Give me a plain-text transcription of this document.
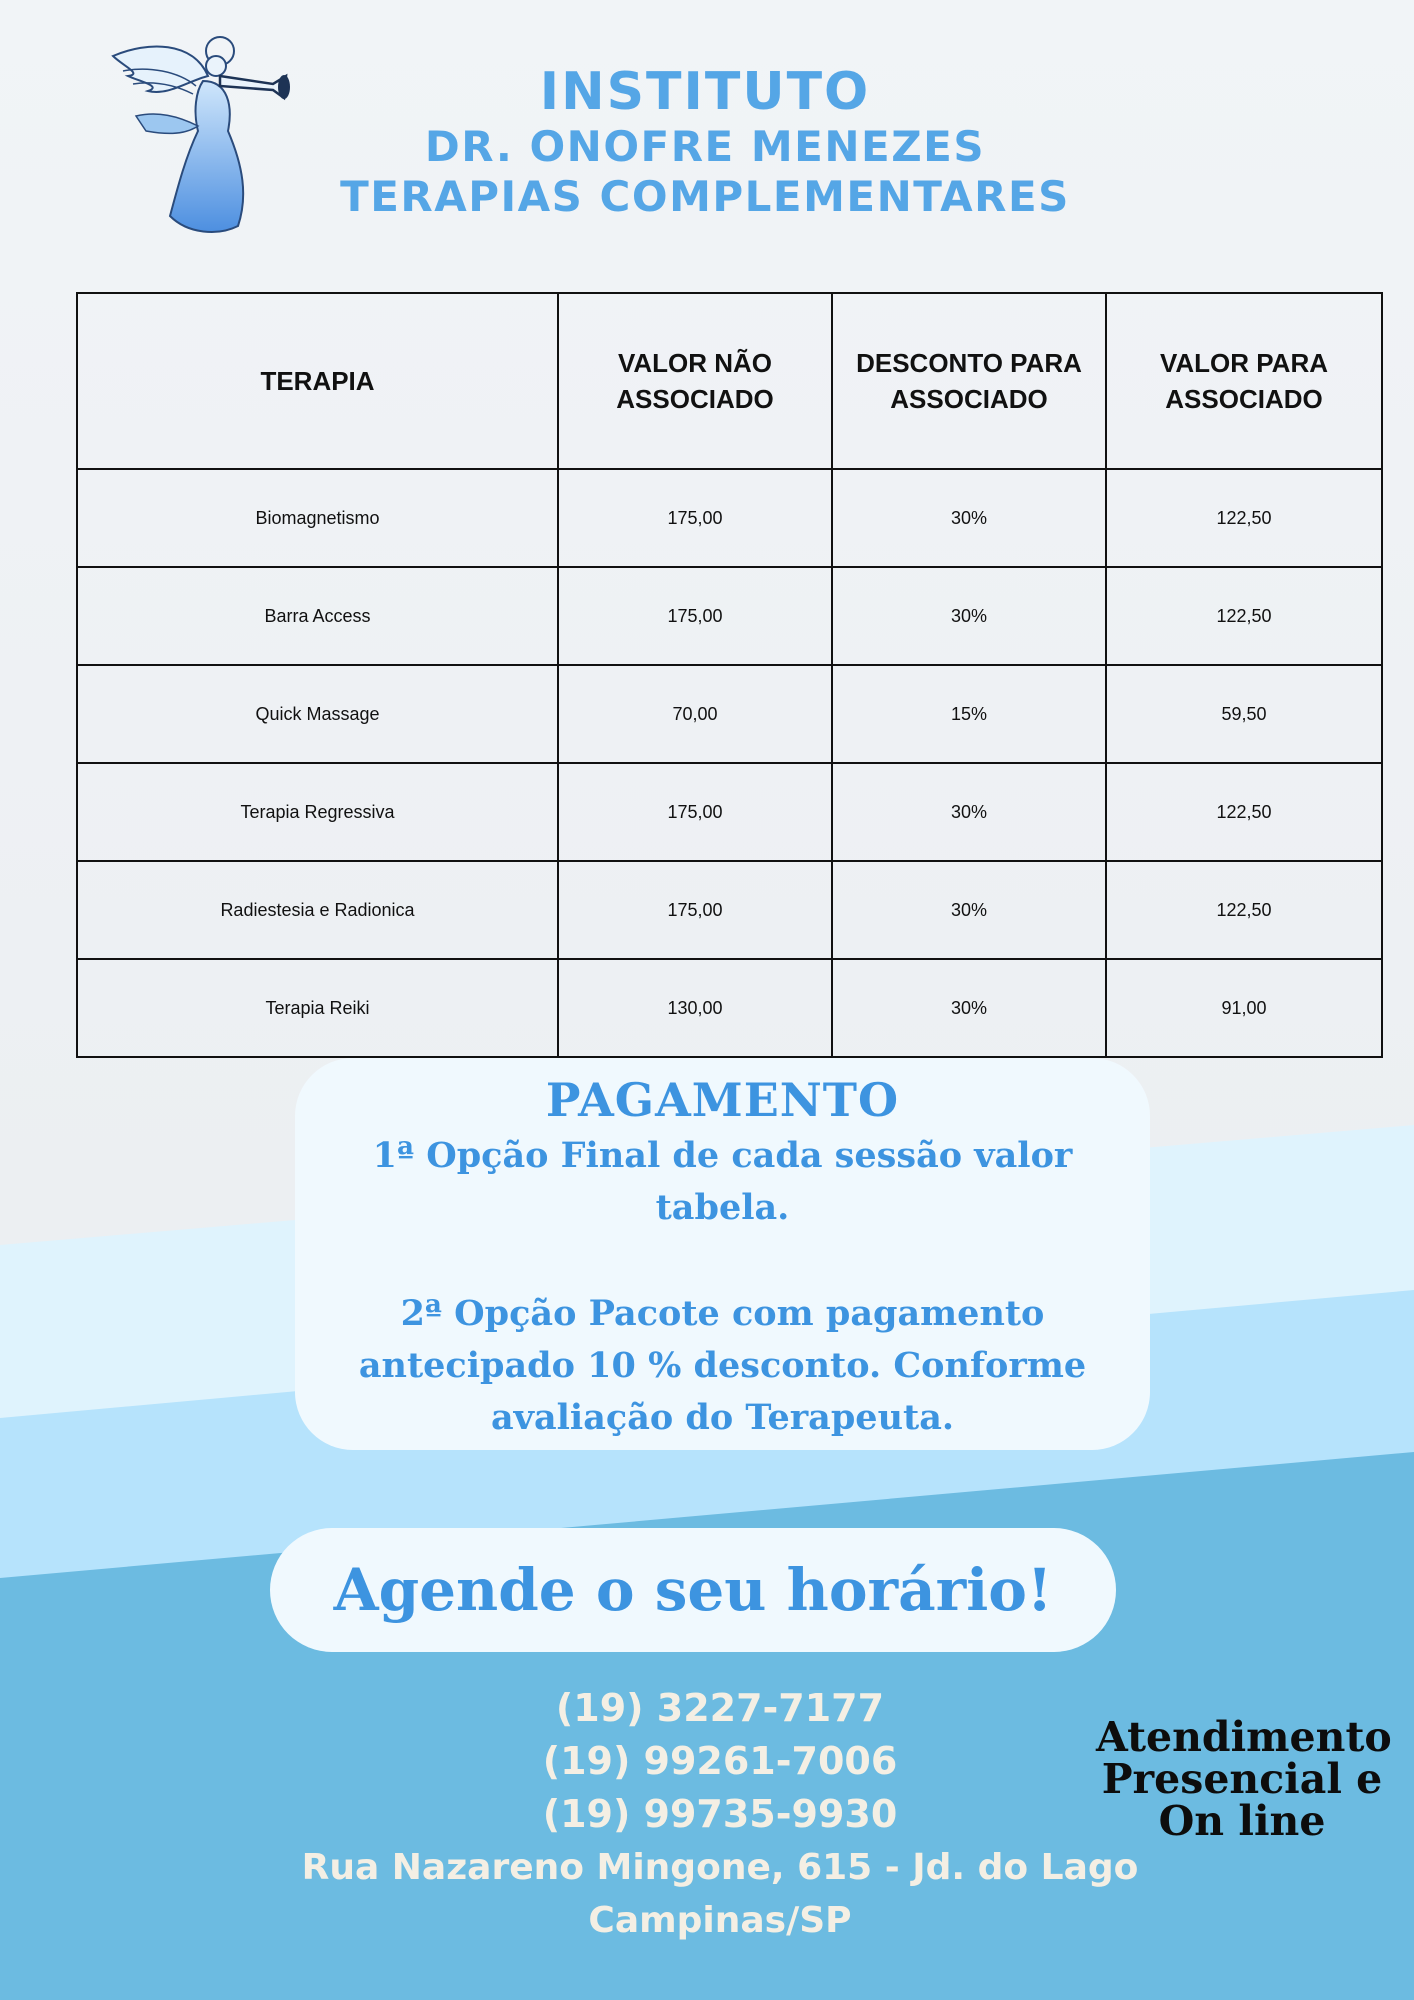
INSTITUTO
DR. ONOFRE MENEZES
TERAPIAS COMPLEMENTARES
TERAPIA	VALOR NÃO ASSOCIADO	DESCONTO PARA ASSOCIADO	VALOR PARA ASSOCIADO
Biomagnetismo	175,00	30%	122,50
Barra Access	175,00	30%	122,50
Quick Massage	70,00	15%	59,50
Terapia Regressiva	175,00	30%	122,50
Radiestesia e Radionica	175,00	30%	122,50
Terapia Reiki	130,00	30%	91,00
PAGAMENTO
1ª Opção Final de cada sessão valor tabela.
2ª Opção Pacote com pagamento antecipado 10 % desconto. Conforme avaliação do Terapeuta.
Agende o seu horário!
(19) 3227-7177
(19) 99261-7006
(19) 99735-9930
Rua Nazareno Mingone, 615 - Jd. do Lago
Campinas/SP
Atendimento
Presencial e
On line
